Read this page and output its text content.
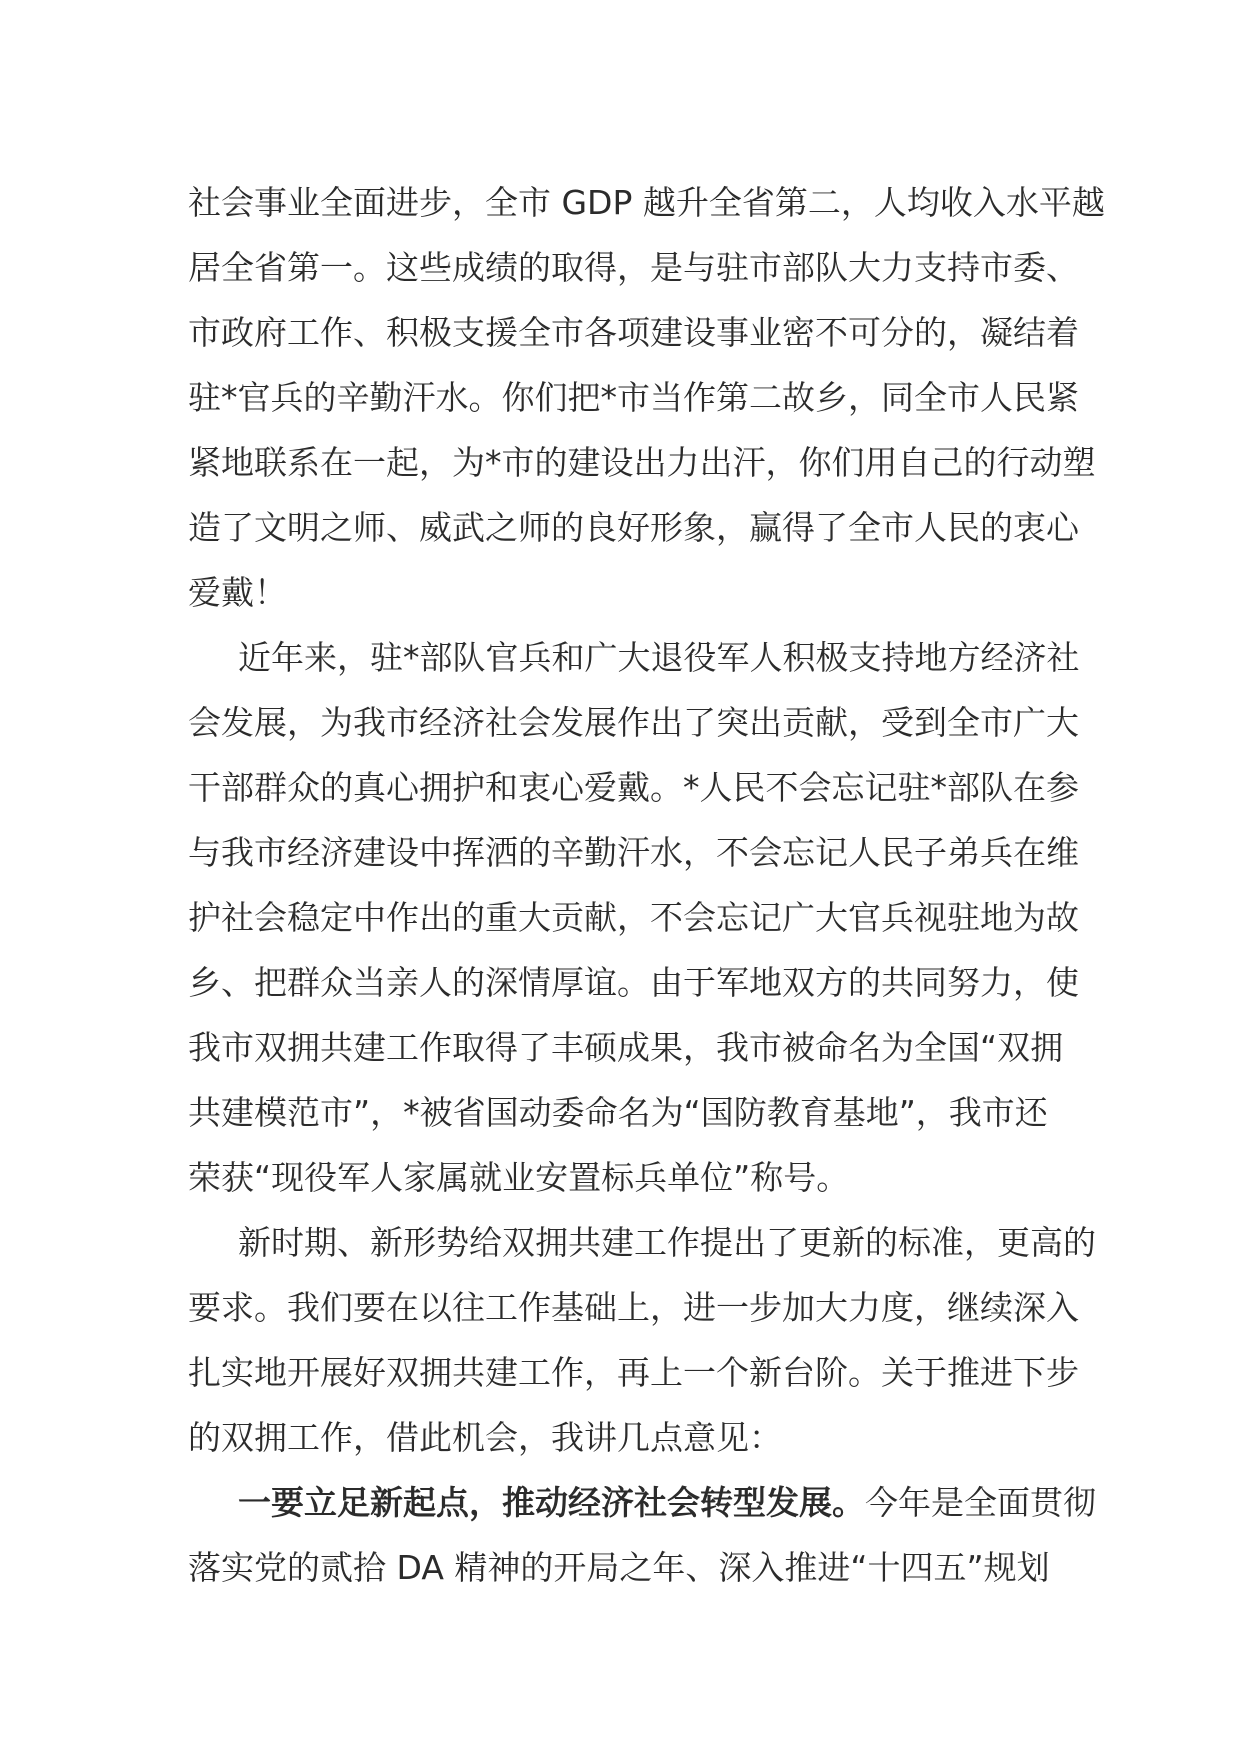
社会事业全面进步，全市 GDP 越升全省第二，人均收入水平越
居全省第一。这些成绩的取得，是与驻市部队大力支持市委、
市政府工作、积极支援全市各项建设事业密不可分的，凝结着
驻*官兵的辛勤汗水。你们把*市当作第二故乡，同全市人民紧
紧地联系在一起，为*市的建设出力出汗，你们用自己的行动塑
造了文明之师、威武之师的良好形象，赢得了全市人民的衷心
爱戴！
近年来，驻*部队官兵和广大退役军人积极支持地方经济社
会发展，为我市经济社会发展作出了突出贡献，受到全市广大
干部群众的真心拥护和衷心爱戴。*人民不会忘记驻*部队在参
与我市经济建设中挥洒的辛勤汗水，不会忘记人民子弟兵在维
护社会稳定中作出的重大贡献，不会忘记广大官兵视驻地为故
乡、把群众当亲人的深情厚谊。由于军地双方的共同努力，使
我市双拥共建工作取得了丰硕成果，我市被命名为全国“双拥
共建模范市”，*被省国动委命名为“国防教育基地”，我市还
荣获“现役军人家属就业安置标兵单位”称号。
新时期、新形势给双拥共建工作提出了更新的标准，更高的
要求。我们要在以往工作基础上，进一步加大力度，继续深入
扎实地开展好双拥共建工作，再上一个新台阶。关于推进下步
的双拥工作，借此机会，我讲几点意见：
一要立足新起点，推动经济社会转型发展。今年是全面贯彻
落实党的贰拾 DA 精神的开局之年、深入推进“十四五”规划
